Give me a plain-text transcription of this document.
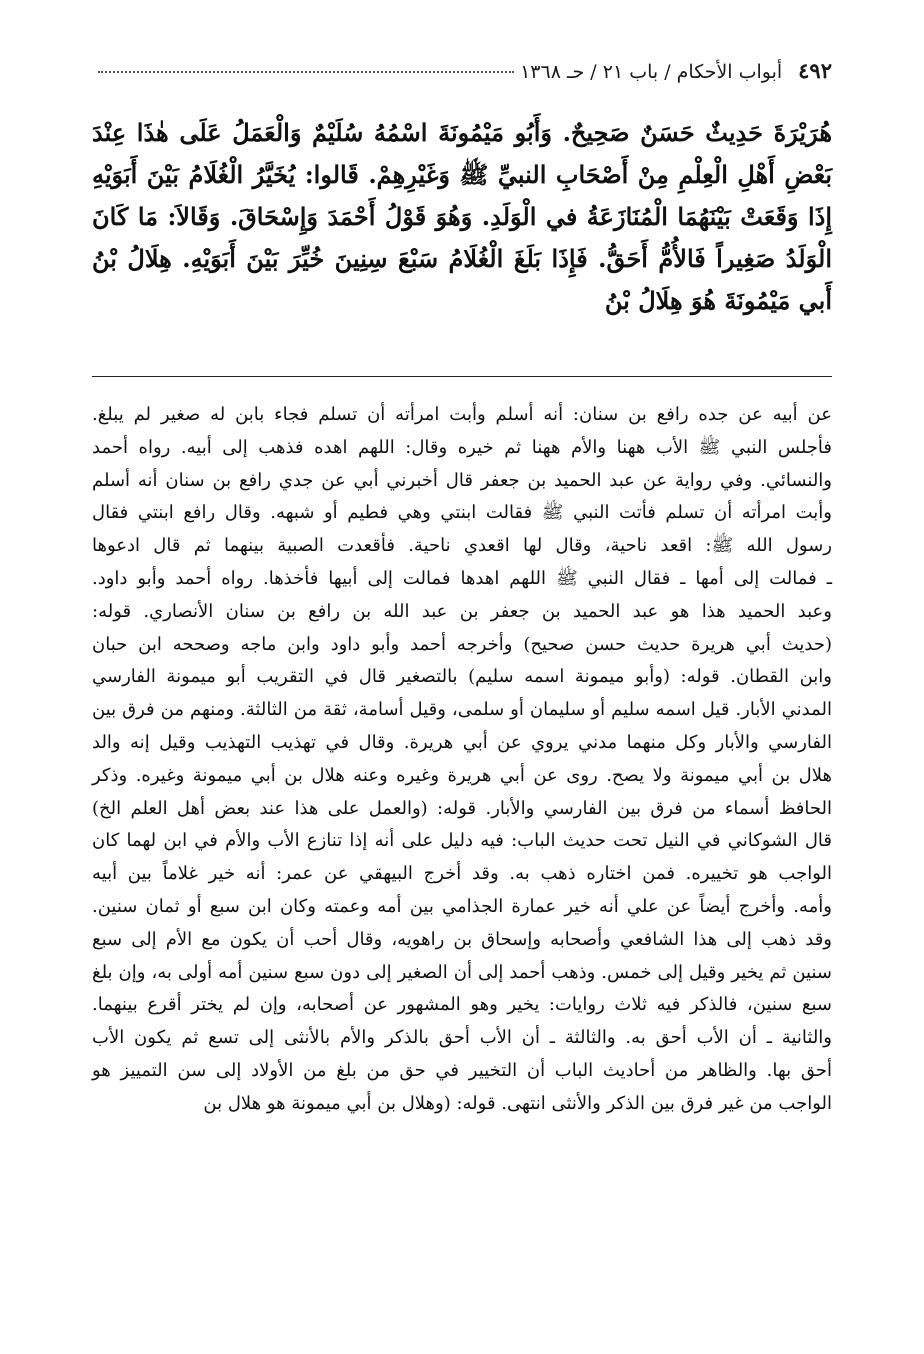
٤٩٢
أبواب الأحكام / باب ٢١ / حـ ١٣٦٨
هُرَيْرَةَ حَدِيثٌ حَسَنٌ صَحِيحٌ. وَأَبُو مَيْمُونَةَ اسْمُهُ سُلَيْمٌ وَالْعَمَلُ عَلَى هٰذَا عِنْدَ بَعْضِ أَهْلِ الْعِلْمِ مِنْ أَصْحَابِ النبيِّ ﷺ وَغَيْرِهِمْ. قَالوا: يُخَيَّرُ الْغُلَامُ بَيْنَ أَبَوَيْهِ إِذَا وَقَعَتْ بَيْنَهُمَا الْمُنَازَعَةُ في الْوَلَدِ. وَهُوَ قَوْلُ أَحْمَدَ وَإِسْحَاقَ. وَقَالاَ: مَا كَانَ الْوَلَدُ صَغِيراً فَالأُمُّ أَحَقُّ. فَإِذَا بَلَغَ الْغُلَامُ سَبْعَ سِنِينَ خُيِّرَ بَيْنَ أَبَوَيْهِ. هِلَالُ بْنُ أَبي مَيْمُونَةَ هُوَ هِلَالُ بْنُ
عن أبيه عن جده رافع بن سنان: أنه أسلم وأبت امرأته أن تسلم فجاء بابن له صغير لم يبلغ.
فأجلس النبي ﷺ الأب ههنا والأم ههنا ثم خيره وقال: اللهم اهده فذهب إلى أبيه. رواه أحمد
والنسائي. وفي رواية عن عبد الحميد بن جعفر قال أخبرني أبي عن جدي رافع بن سنان أنه أسلم
وأبت امرأته أن تسلم فأتت النبي ﷺ فقالت ابنتي وهي فطيم أو شبهه. وقال رافع ابنتي فقال
رسول الله ﷺ: اقعد ناحية، وقال لها اقعدي ناحية. فأقعدت الصبية بينهما ثم قال ادعوها
ـ فمالت إلى أمها ـ فقال النبي ﷺ اللهم اهدها فمالت إلى أبيها فأخذها. رواه أحمد وأبو داود.
وعبد الحميد هذا هو عبد الحميد بن جعفر بن عبد الله بن رافع بن سنان الأنصاري. قوله:
(حديث أبي هريرة حديث حسن صحيح) وأخرجه أحمد وأبو داود وابن ماجه وصححه ابن حبان
وابن القطان. قوله: (وأبو ميمونة اسمه سليم) بالتصغير قال في التقريب أبو ميمونة الفارسي
المدني الأبار. قيل اسمه سليم أو سليمان أو سلمى، وقيل أسامة، ثقة من الثالثة. ومنهم من فرق بين
الفارسي والأبار وكل منهما مدني يروي عن أبي هريرة. وقال في تهذيب التهذيب وقيل إنه والد
هلال بن أبي ميمونة ولا يصح. روى عن أبي هريرة وغيره وعنه هلال بن أبي ميمونة وغيره. وذكر
الحافظ أسماء من فرق بين الفارسي والأبار. قوله: (والعمل على هذا عند بعض أهل العلم الخ)
قال الشوكاني في النيل تحت حديث الباب: فيه دليل على أنه إذا تنازع الأب والأم في ابن لهما كان
الواجب هو تخييره. فمن اختاره ذهب به. وقد أخرج البيهقي عن عمر: أنه خير غلاماً بين أبيه
وأمه. وأخرج أيضاً عن علي أنه خير عمارة الجذامي بين أمه وعمته وكان ابن سبع أو ثمان سنين.
وقد ذهب إلى هذا الشافعي وأصحابه وإسحاق بن راهويه، وقال أحب أن يكون مع الأم إلى سبع
سنين ثم يخير وقيل إلى خمس. وذهب أحمد إلى أن الصغير إلى دون سبع سنين أمه أولى به، وإن بلغ
سبع سنين، فالذكر فيه ثلاث روايات: يخير وهو المشهور عن أصحابه، وإن لم يختر أقرع بينهما.
والثانية ـ أن الأب أحق به. والثالثة ـ أن الأب أحق بالذكر والأم بالأنثى إلى تسع ثم يكون الأب
أحق بها. والظاهر من أحاديث الباب أن التخيير في حق من بلغ من الأولاد إلى سن التمييز هو
الواجب من غير فرق بين الذكر والأنثى انتهى. قوله: (وهلال بن أبي ميمونة هو هلال بن
